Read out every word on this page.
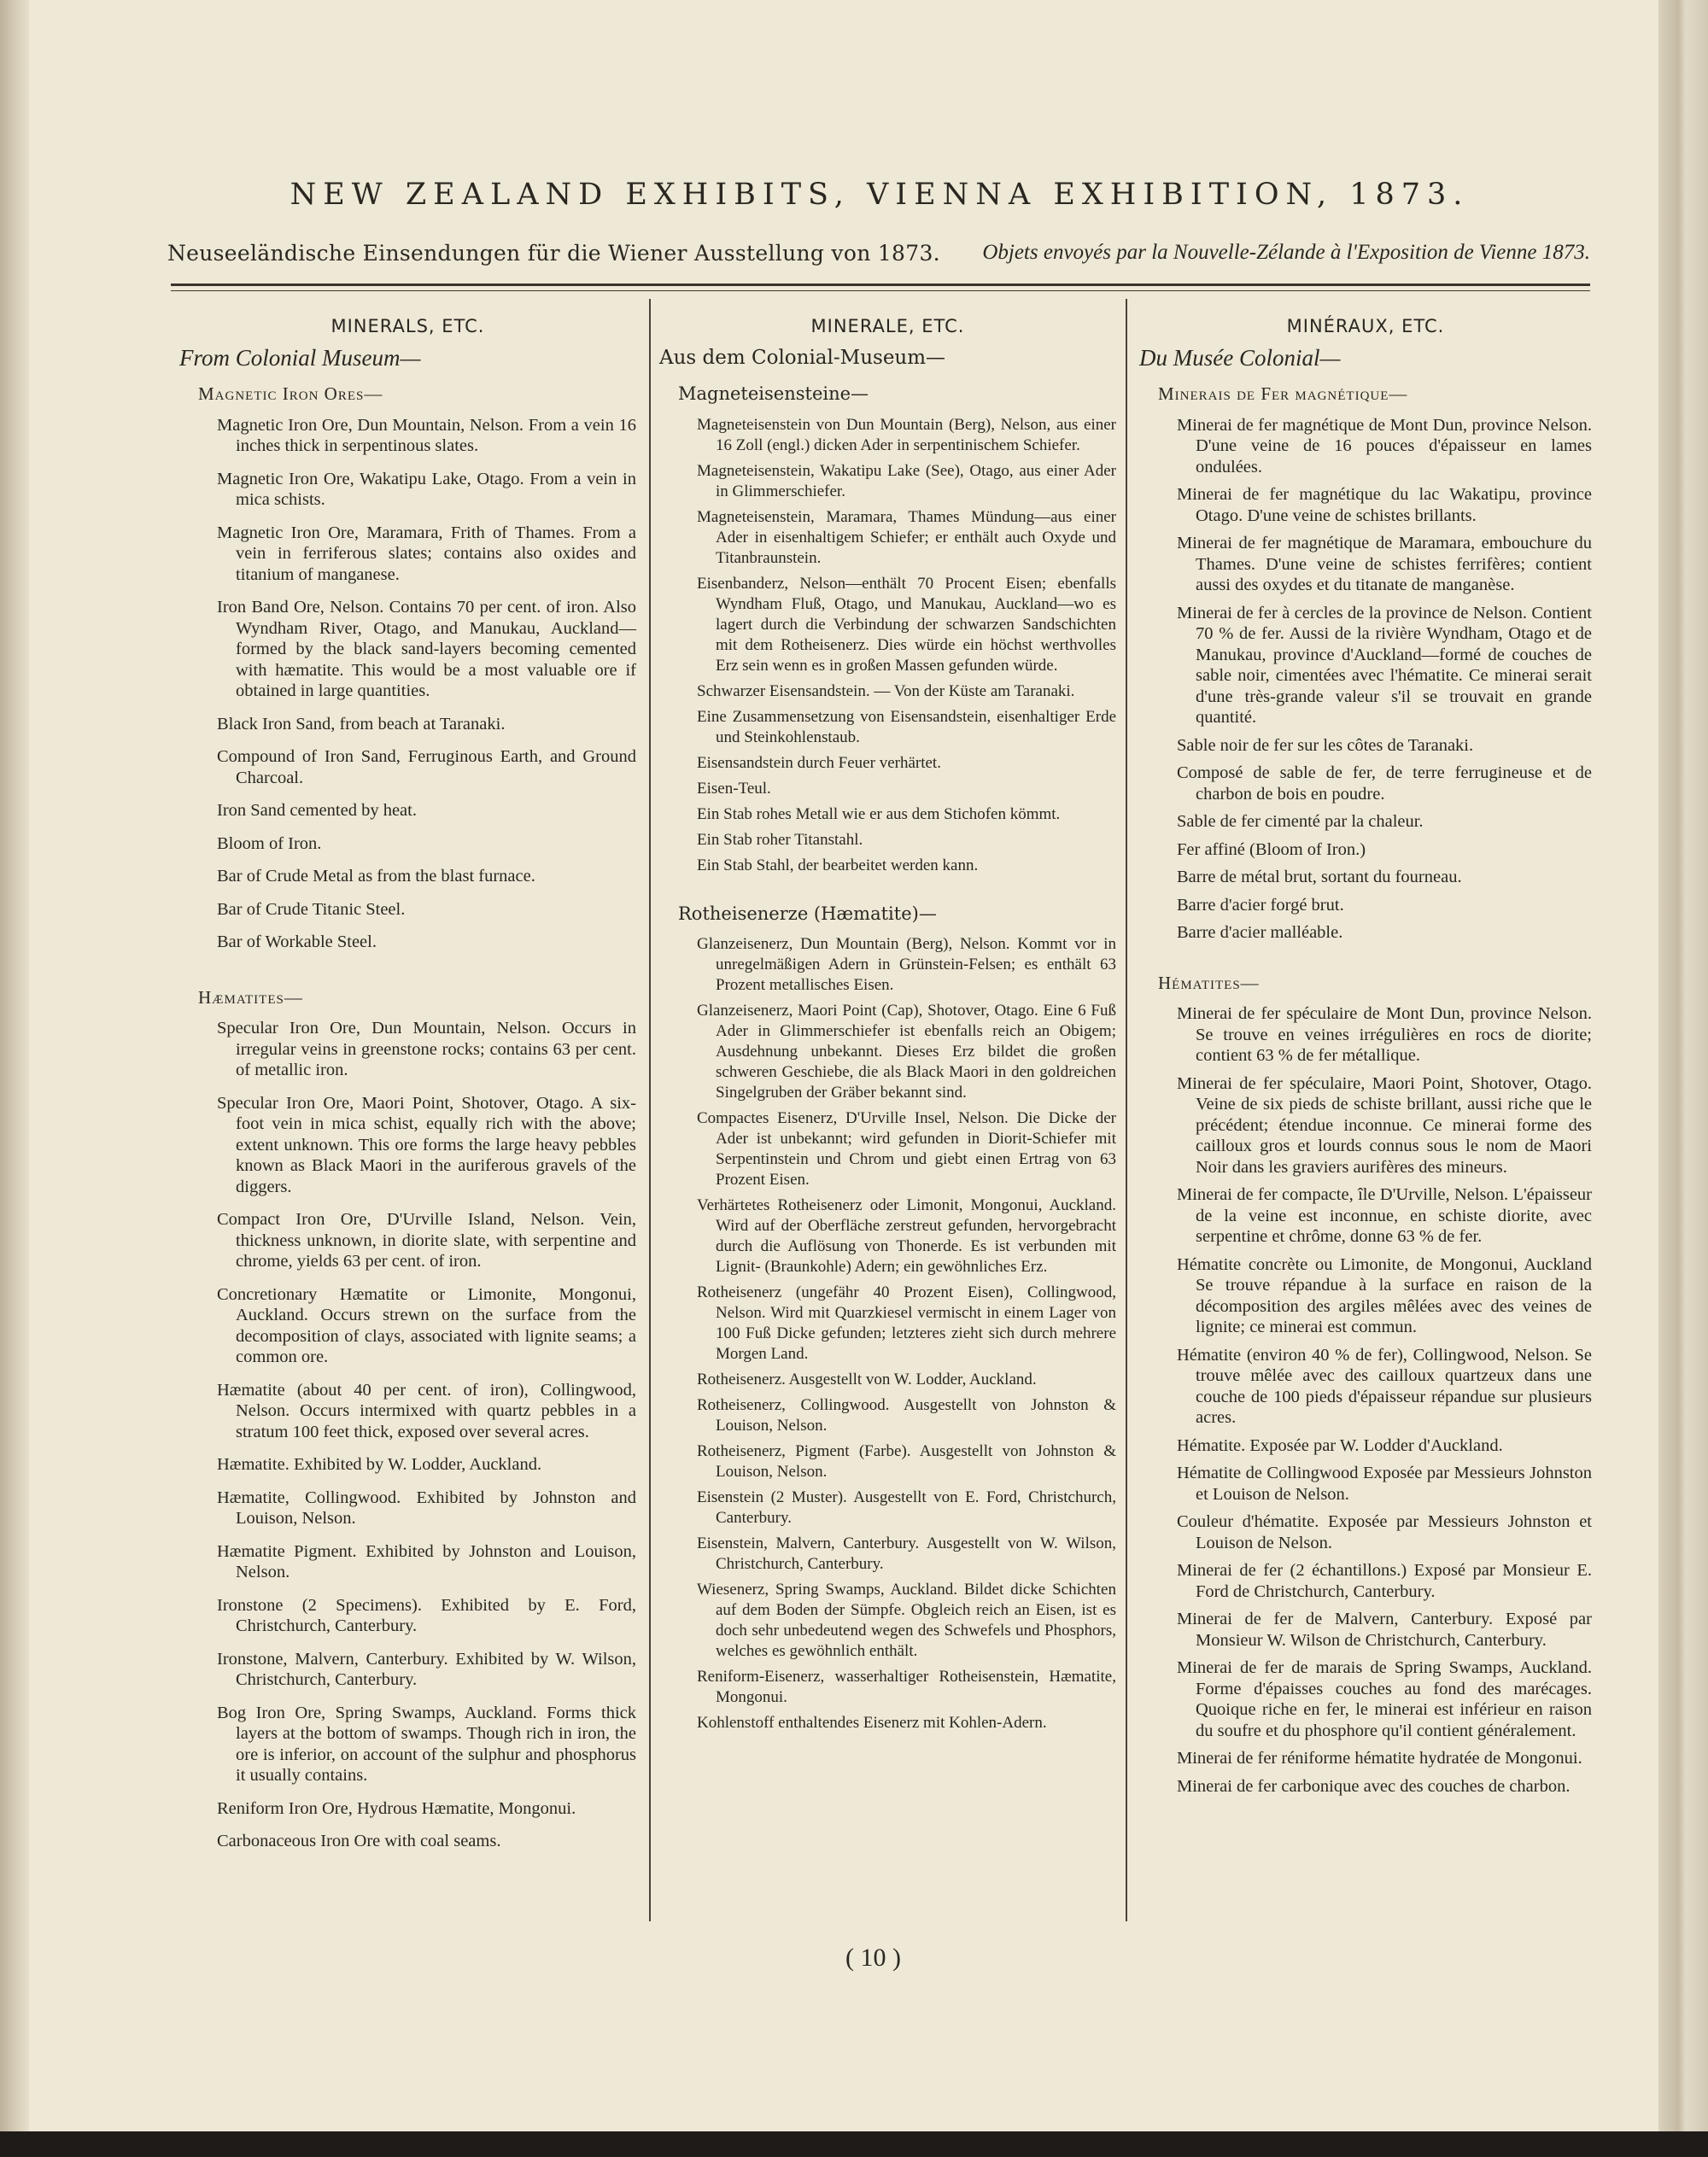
NEW ZEALAND EXHIBITS, VIENNA EXHIBITION, 1873.
Neuseeländische Einsendungen für die Wiener Ausstellung von 1873. Objets envoyés par la Nouvelle-Zélande à l'Exposition de Vienne 1873.
MINERALS, ETC.
From Colonial Museum—
Magnetic Iron Ores—
Magnetic Iron Ore, Dun Mountain, Nelson. From a vein 16 inches thick in serpentinous slates.
Magnetic Iron Ore, Wakatipu Lake, Otago. From a vein in mica schists.
Magnetic Iron Ore, Maramara, Frith of Thames. From a vein in ferriferous slates; contains also oxides and titanium of manganese.
Iron Band Ore, Nelson. Contains 70 per cent. of iron. Also Wyndham River, Otago, and Manukau, Auckland—formed by the black sand-layers becoming cemented with hæmatite. This would be a most valuable ore if obtained in large quantities.
Black Iron Sand, from beach at Taranaki.
Compound of Iron Sand, Ferruginous Earth, and Ground Charcoal.
Iron Sand cemented by heat.
Bloom of Iron.
Bar of Crude Metal as from the blast furnace.
Bar of Crude Titanic Steel.
Bar of Workable Steel.
Hæmatites—
Specular Iron Ore, Dun Mountain, Nelson. Occurs in irregular veins in greenstone rocks; contains 63 per cent. of metallic iron.
Specular Iron Ore, Maori Point, Shotover, Otago. A six-foot vein in mica schist, equally rich with the above; extent unknown. This ore forms the large heavy pebbles known as Black Maori in the auriferous gravels of the diggers.
Compact Iron Ore, D'Urville Island, Nelson. Vein, thickness unknown, in diorite slate, with serpentine and chrome, yields 63 per cent. of iron.
Concretionary Hæmatite or Limonite, Mongonui, Auckland. Occurs strewn on the surface from the decomposition of clays, associated with lignite seams; a common ore.
Hæmatite (about 40 per cent. of iron), Collingwood, Nelson. Occurs intermixed with quartz pebbles in a stratum 100 feet thick, exposed over several acres.
Hæmatite. Exhibited by W. Lodder, Auckland.
Hæmatite, Collingwood. Exhibited by Johnston and Louison, Nelson.
Hæmatite Pigment. Exhibited by Johnston and Louison, Nelson.
Ironstone (2 Specimens). Exhibited by E. Ford, Christchurch, Canterbury.
Ironstone, Malvern, Canterbury. Exhibited by W. Wilson, Christchurch, Canterbury.
Bog Iron Ore, Spring Swamps, Auckland. Forms thick layers at the bottom of swamps. Though rich in iron, the ore is inferior, on account of the sulphur and phosphorus it usually contains.
Reniform Iron Ore, Hydrous Hæmatite, Mongonui.
Carbonaceous Iron Ore with coal seams.
MINERALE, ETC.
Aus dem Colonial-Museum—
Magneteisensteine—
Magneteisenstein von Dun Mountain (Berg), Nelson, aus einer 16 Zoll (engl.) dicken Ader in serpentinischem Schiefer.
Magneteisenstein, Wakatipu Lake (See), Otago, aus einer Ader in Glimmerschiefer.
Magneteisenstein, Maramara, Thames Mündung—aus einer Ader in eisenhaltigem Schiefer; er enthält auch Oxyde und Titanbraunstein.
Eisenbanderz, Nelson—enthält 70 Procent Eisen; ebenfalls Wyndham Fluß, Otago, und Manukau, Auckland—wo es lagert durch die Verbindung der schwarzen Sandschichten mit dem Rotheisenerz. Dies würde ein höchst werthvolles Erz sein wenn es in großen Massen gefunden würde.
Schwarzer Eisensandstein. — Von der Küste am Taranaki.
Eine Zusammensetzung von Eisensandstein, eisenhaltiger Erde und Steinkohlenstaub.
Eisensandstein durch Feuer verhärtet.
Eisen-Teul.
Ein Stab rohes Metall wie er aus dem Stichofen kömmt.
Ein Stab roher Titanstahl.
Ein Stab Stahl, der bearbeitet werden kann.
Rotheisenerze (Hæmatite)—
Glanzeisenerz, Dun Mountain (Berg), Nelson. Kommt vor in unregelmäßigen Adern in Grünstein-Felsen; es enthält 63 Prozent metallisches Eisen.
Glanzeisenerz, Maori Point (Cap), Shotover, Otago. Eine 6 Fuß Ader in Glimmerschiefer ist ebenfalls reich an Obigem; Ausdehnung unbekannt. Dieses Erz bildet die großen schweren Geschiebe, die als Black Maori in den goldreichen Singelgruben der Gräber bekannt sind.
Compactes Eisenerz, D'Urville Insel, Nelson. Die Dicke der Ader ist unbekannt; wird gefunden in Diorit-Schiefer mit Serpentinstein und Chrom und giebt einen Ertrag von 63 Prozent Eisen.
Verhärtetes Rotheisenerz oder Limonit, Mongonui, Auckland. Wird auf der Oberfläche zerstreut gefunden, hervorgebracht durch die Auflösung von Thonerde. Es ist verbunden mit Lignit- (Braunkohle) Adern; ein gewöhnliches Erz.
Rotheisenerz (ungefähr 40 Prozent Eisen), Collingwood, Nelson. Wird mit Quarzkiesel vermischt in einem Lager von 100 Fuß Dicke gefunden; letzteres zieht sich durch mehrere Morgen Land.
Rotheisenerz. Ausgestellt von W. Lodder, Auckland.
Rotheisenerz, Collingwood. Ausgestellt von Johnston & Louison, Nelson.
Rotheisenerz, Pigment (Farbe). Ausgestellt von Johnston & Louison, Nelson.
Eisenstein (2 Muster). Ausgestellt von E. Ford, Christchurch, Canterbury.
Eisenstein, Malvern, Canterbury. Ausgestellt von W. Wilson, Christchurch, Canterbury.
Wiesenerz, Spring Swamps, Auckland. Bildet dicke Schichten auf dem Boden der Sümpfe. Obgleich reich an Eisen, ist es doch sehr unbedeutend wegen des Schwefels und Phosphors, welches es gewöhnlich enthält.
Reniform-Eisenerz, wasserhaltiger Rotheisenstein, Hæmatite, Mongonui.
Kohlenstoff enthaltendes Eisenerz mit Kohlen-Adern.
MINÉRAUX, ETC.
Du Musée Colonial—
Minerais de Fer magnétique—
Minerai de fer magnétique de Mont Dun, province Nelson. D'une veine de 16 pouces d'épaisseur en lames ondulées.
Minerai de fer magnétique du lac Wakatipu, province Otago. D'une veine de schistes brillants.
Minerai de fer magnétique de Maramara, embouchure du Thames. D'une veine de schistes ferrifères; contient aussi des oxydes et du titanate de manganèse.
Minerai de fer à cercles de la province de Nelson. Contient 70 % de fer. Aussi de la rivière Wyndham, Otago et de Manukau, province d'Auckland—formé de couches de sable noir, cimentées avec l'hématite. Ce minerai serait d'une très-grande valeur s'il se trouvait en grande quantité.
Sable noir de fer sur les côtes de Taranaki.
Composé de sable de fer, de terre ferrugineuse et de charbon de bois en poudre.
Sable de fer cimenté par la chaleur.
Fer affiné (Bloom of Iron.)
Barre de métal brut, sortant du fourneau.
Barre d'acier forgé brut.
Barre d'acier malléable.
Hématites—
Minerai de fer spéculaire de Mont Dun, province Nelson. Se trouve en veines irrégulières en rocs de diorite; contient 63 % de fer métallique.
Minerai de fer spéculaire, Maori Point, Shotover, Otago. Veine de six pieds de schiste brillant, aussi riche que le précédent; étendue inconnue. Ce minerai forme des cailloux gros et lourds connus sous le nom de Maori Noir dans les graviers aurifères des mineurs.
Minerai de fer compacte, île D'Urville, Nelson. L'épaisseur de la veine est inconnue, en schiste diorite, avec serpentine et chrôme, donne 63 % de fer.
Hématite concrète ou Limonite, de Mongonui, Auckland Se trouve répandue à la surface en raison de la décomposition des argiles mêlées avec des veines de lignite; ce minerai est commun.
Hématite (environ 40 % de fer), Collingwood, Nelson. Se trouve mêlée avec des cailloux quartzeux dans une couche de 100 pieds d'épaisseur répandue sur plusieurs acres.
Hématite. Exposée par W. Lodder d'Auckland.
Hématite de Collingwood Exposée par Messieurs Johnston et Louison de Nelson.
Couleur d'hématite. Exposée par Messieurs Johnston et Louison de Nelson.
Minerai de fer (2 échantillons.) Exposé par Monsieur E. Ford de Christchurch, Canterbury.
Minerai de fer de Malvern, Canterbury. Exposé par Monsieur W. Wilson de Christchurch, Canterbury.
Minerai de fer de marais de Spring Swamps, Auckland. Forme d'épaisses couches au fond des marécages. Quoique riche en fer, le minerai est inférieur en raison du soufre et du phosphore qu'il contient généralement.
Minerai de fer réniforme hématite hydratée de Mongonui.
Minerai de fer carbonique avec des couches de charbon.
( 10 )
